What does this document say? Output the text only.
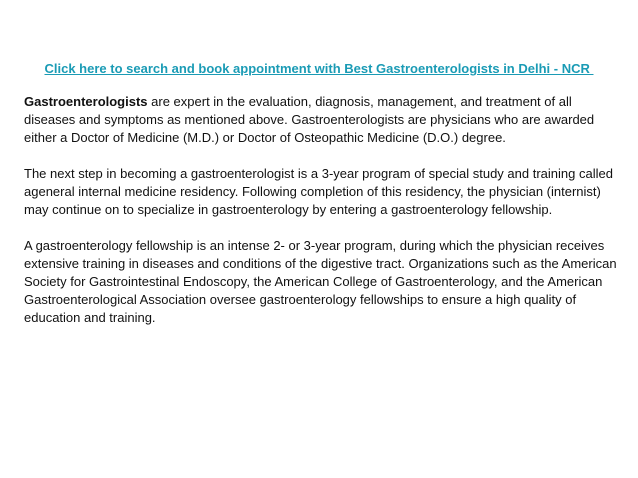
Click here to search and book appointment with Best Gastroenterologists in Delhi - NCR

Gastroenterologists are expert in the evaluation, diagnosis, management, and treatment of all diseases and symptoms as mentioned above. Gastroenterologists are physicians who are awarded either a Doctor of Medicine (M.D.) or Doctor of Osteopathic Medicine (D.O.) degree.

The next step in becoming a gastroenterologist is a 3-year program of special study and training called ageneral internal medicine residency. Following completion of this residency, the physician (internist) may continue on to specialize in gastroenterology by entering a gastroenterology fellowship.

A gastroenterology fellowship is an intense 2- or 3-year program, during which the physician receives extensive training in diseases and conditions of the digestive tract. Organizations such as the American Society for Gastrointestinal Endoscopy, the American College of Gastroenterology, and the American Gastroenterological Association oversee gastroenterology fellowships to ensure a high quality of education and training.
